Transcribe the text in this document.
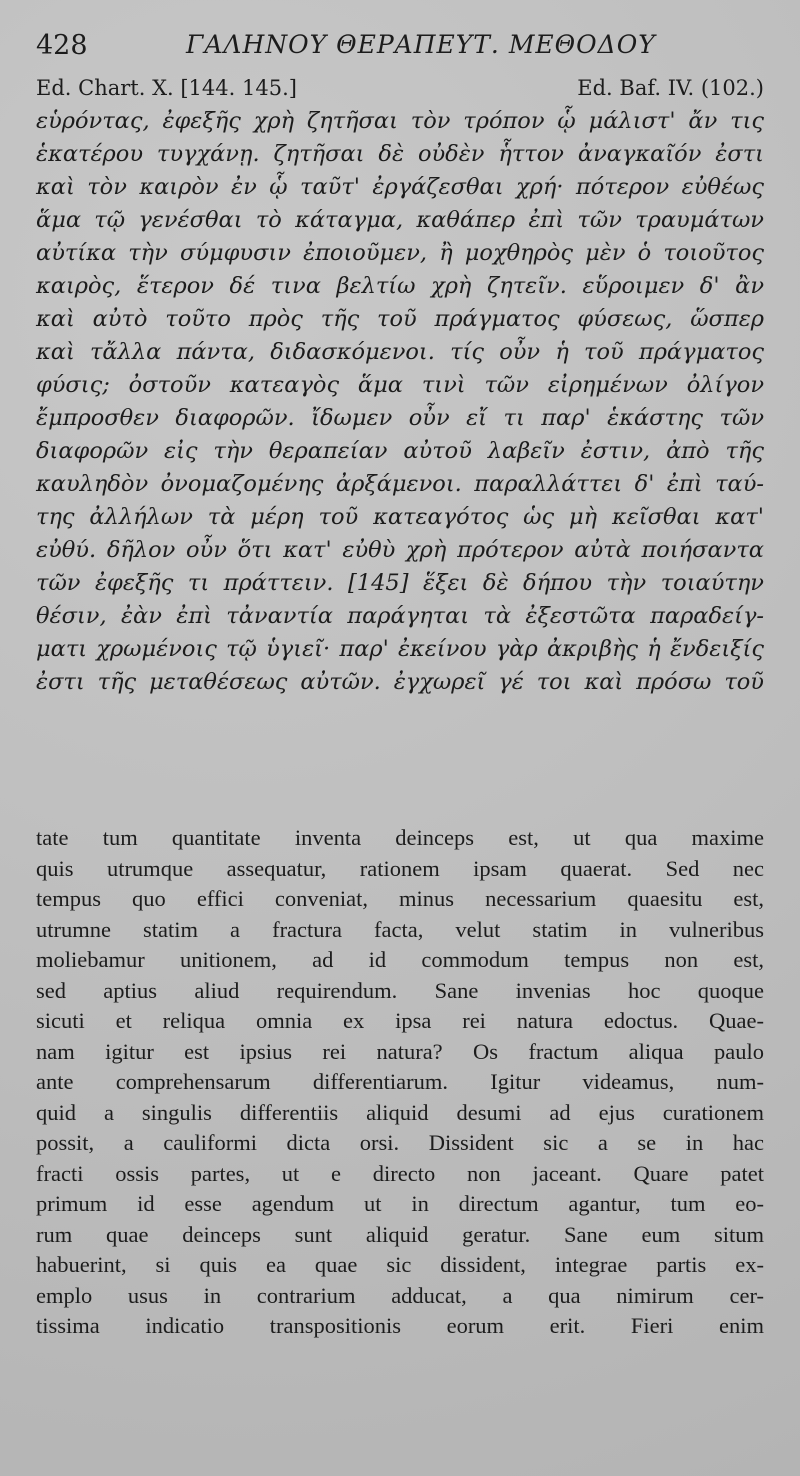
428	ΓΑΛΗΝΟΥ ΘΕΡΑΠΕΥΤ. ΜΕΘΟΔΟΥ
Ed. Chart. X. [144. 145.]	Ed. Baf. IV. (102.)
εὑρόντας, ἐφεξῆς χρὴ ζητῆσαι τὸν τρόπον ᾧ μάλιστ' ἄν τις
ἑκατέρου τυγχάνῃ. ζητῆσαι δὲ οὐδὲν ἧττον ἀναγκαῖόν ἐστι
καὶ τὸν καιρὸν ἐν ᾧ ταῦτ' ἐργάζεσθαι χρή· πότερον εὐθέως
ἅμα τῷ γενέσθαι τὸ κάταγμα, καθάπερ ἐπὶ τῶν τραυμάτων
αὐτίκα τὴν σύμφυσιν ἐποιοῦμεν, ἢ μοχθηρὸς μὲν ὁ τοιοῦτος
καιρὸς, ἕτερον δέ τινα βελτίω χρὴ ζητεῖν. εὕροιμεν δ' ἂν
καὶ αὐτὸ τοῦτο πρὸς τῆς τοῦ πράγματος φύσεως, ὥσπερ
καὶ τἄλλα πάντα, διδασκόμενοι. τίς οὖν ἡ τοῦ πράγματος
φύσις; ὀστοῦν κατεαγὸς ἅμα τινὶ τῶν εἰρημένων ὀλίγον
ἔμπροσθεν διαφορῶν. ἴδωμεν οὖν εἴ τι παρ' ἑκάστης τῶν
διαφορῶν εἰς τὴν θεραπείαν αὐτοῦ λαβεῖν ἐστιν, ἀπὸ τῆς
καυληδὸν ὀνομαζομένης ἀρξάμενοι. παραλλάττει δ' ἐπὶ ταύ-
της ἀλλήλων τὰ μέρη τοῦ κατεαγότος ὡς μὴ κεῖσθαι κατ'
εὐθύ. δῆλον οὖν ὅτι κατ' εὐθὺ χρὴ πρότερον αὐτὰ ποιήσαντα
τῶν ἐφεξῆς τι πράττειν. [145] ἕξει δὲ δήπου τὴν τοιαύτην
θέσιν, ἐὰν ἐπὶ τἀναντία παράγηται τὰ ἐξεστῶτα παραδείγ-
ματι χρωμένοις τῷ ὑγιεῖ· παρ' ἐκείνου γὰρ ἀκριβὴς ἡ ἔνδειξίς
ἐστι τῆς μεταθέσεως αὐτῶν. ἐγχωρεῖ γέ τοι καὶ πρόσω τοῦ
tate tum quantitate inventa deinceps est, ut qua maxime
quis utrumque assequatur, rationem ipsam quaerat. Sed nec
tempus quo effici conveniat, minus necessarium quaesitu est,
utrumne statim a fractura facta, velut statim in vulneribus
moliebamur unitionem, ad id commodum tempus non est,
sed aptius aliud requirendum. Sane invenias hoc quoque
sicuti et reliqua omnia ex ipsa rei natura edoctus. Quae-
nam igitur est ipsius rei natura? Os fractum aliqua paulo
ante comprehensarum differentiarum. Igitur videamus, num-
quid a singulis differentiis aliquid desumi ad ejus curationem
possit, a cauliformi dicta orsi. Dissident sic a se in hac
fracti ossis partes, ut e directo non jaceant. Quare patet
primum id esse agendum ut in directum agantur, tum eo-
rum quae deinceps sunt aliquid geratur. Sane eum situm
habuerint, si quis ea quae sic dissident, integrae partis ex-
emplo usus in contrarium adducat, a qua nimirum cer-
tissima indicatio transpositionis eorum erit. Fieri enim
